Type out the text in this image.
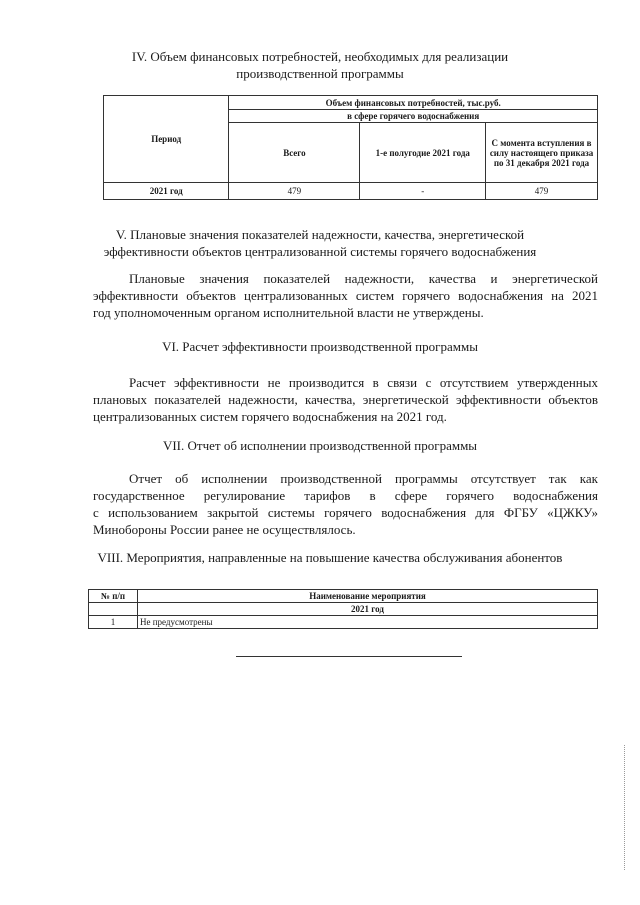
IV. Объем финансовых потребностей, необходимых для реализации
производственной программы
Период	Объем финансовых потребностей, тыс.руб.		
	в сфере горячего водоснабжения		
	Всего	1-е полугодие 2021 года	С момента вступления в силу настоящего приказа по 31 декабря 2021 года
2021 год	479	-	479
V. Плановые значения показателей надежности, качества, энергетической
эффективности объектов централизованной системы горячего водоснабжения
Плановые значения показателей надежности, качества и энергетической
эффективности объектов централизованных систем горячего водоснабжения на 2021
год уполномоченным органом исполнительной власти не утверждены.
VI. Расчет эффективности производственной программы
Расчет эффективности не производится в связи с отсутствием утвержденных
плановых показателей надежности, качества, энергетической эффективности объектов
централизованных систем горячего водоснабжения на 2021 год.
VII. Отчет об исполнении производственной программы
Отчет об исполнении производственной программы отсутствует так как
государственное регулирование тарифов в сфере горячего водоснабжения
с использованием закрытой системы горячего водоснабжения для ФГБУ «ЦЖКУ»
Минобороны России ранее не осуществлялось.
VIII. Мероприятия, направленные на повышение качества обслуживания абонентов
№ п/п	Наименование мероприятия
	2021 год
1	Не предусмотрены
